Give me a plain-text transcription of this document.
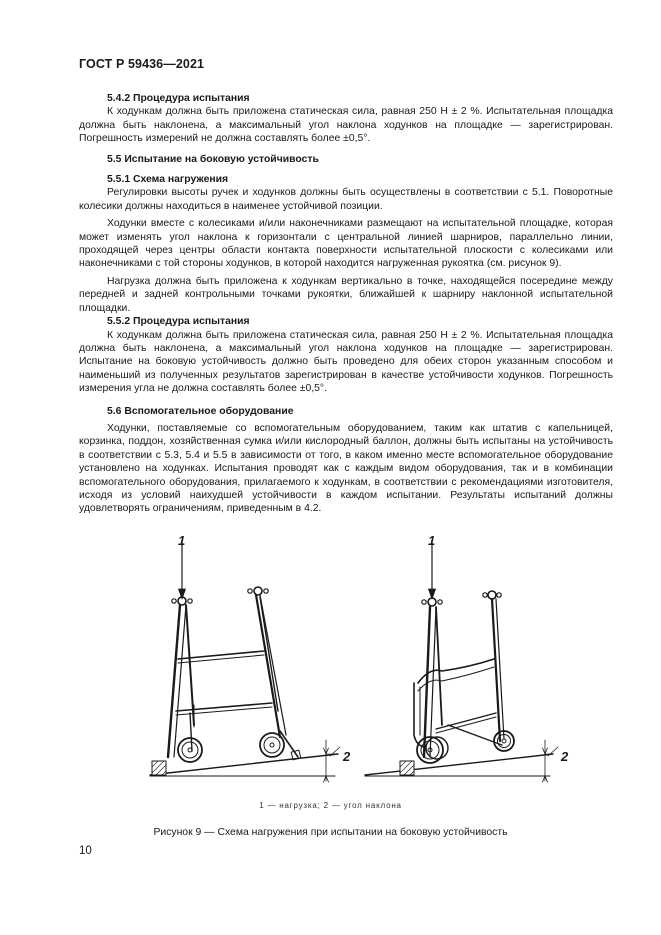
ГОСТ Р 59436—2021

5.4.2 Процедура испытания

К ходункам должна быть приложена статическая сила, равная 250 Н ± 2 %. Испытательная площадка должна быть наклонена, а максимальный угол наклона ходунков на площадке — зарегистрирован. Погрешность измерений не должна составлять более ±0,5°.

5.5 Испытание на боковую устойчивость

5.5.1 Схема нагружения

Регулировки высоты ручек и ходунков должны быть осуществлены в соответствии с 5.1. Поворотные колесики должны находиться в наименее устойчивой позиции.

Ходунки вместе с колесиками и/или наконечниками размещают на испытательной площадке, которая может изменять угол наклона к горизонтали с центральной линией шарниров, параллельно линии, проходящей через центры области контакта поверхности испытательной плоскости с колесиками или наконечниками с той стороны ходунков, в которой находится нагруженная рукоятка (см. рисунок 9).

Нагрузка должна быть приложена к ходункам вертикально в точке, находящейся посередине между передней и задней контрольными точками рукоятки, ближайшей к шарниру наклонной испытательной площадки.

5.5.2 Процедура испытания

К ходункам должна быть приложена статическая сила, равная 250 Н ± 2 %. Испытательная площадка должна быть наклонена, а максимальный угол наклона ходунков на площадке — зарегистрирован. Испытание на боковую устойчивость должно быть проведено для обеих сторон указанным способом и наименьший из полученных результатов зарегистрирован в качестве устойчивости ходунков. Погрешность измерения угла не должна составлять более ±0,5°.

5.6 Вспомогательное оборудование

Ходунки, поставляемые со вспомогательным оборудованием, таким как штатив с капельницей, корзинка, поддон, хозяйственная сумка и/или кислородный баллон, должны быть испытаны на устойчивость в соответствии с 5.3, 5.4 и 5.5 в зависимости от того, в каком именно месте вспомогательное оборудование установлено на ходунках. Испытания проводят как с каждым видом оборудования, так и в комбинации вспомогательного оборудования, прилагаемого к ходункам, в соответствии с рекомендациями изготовителя, исходя из условий наихудшей устойчивости в каждом испытании. Результаты испытаний должны удовлетворять ограничениям, приведенным в 4.2.

1	1
2	2
1 — нагрузка; 2 — угол наклона
Рисунок 9 — Схема нагружения при испытании на боковую устойчивость
10
